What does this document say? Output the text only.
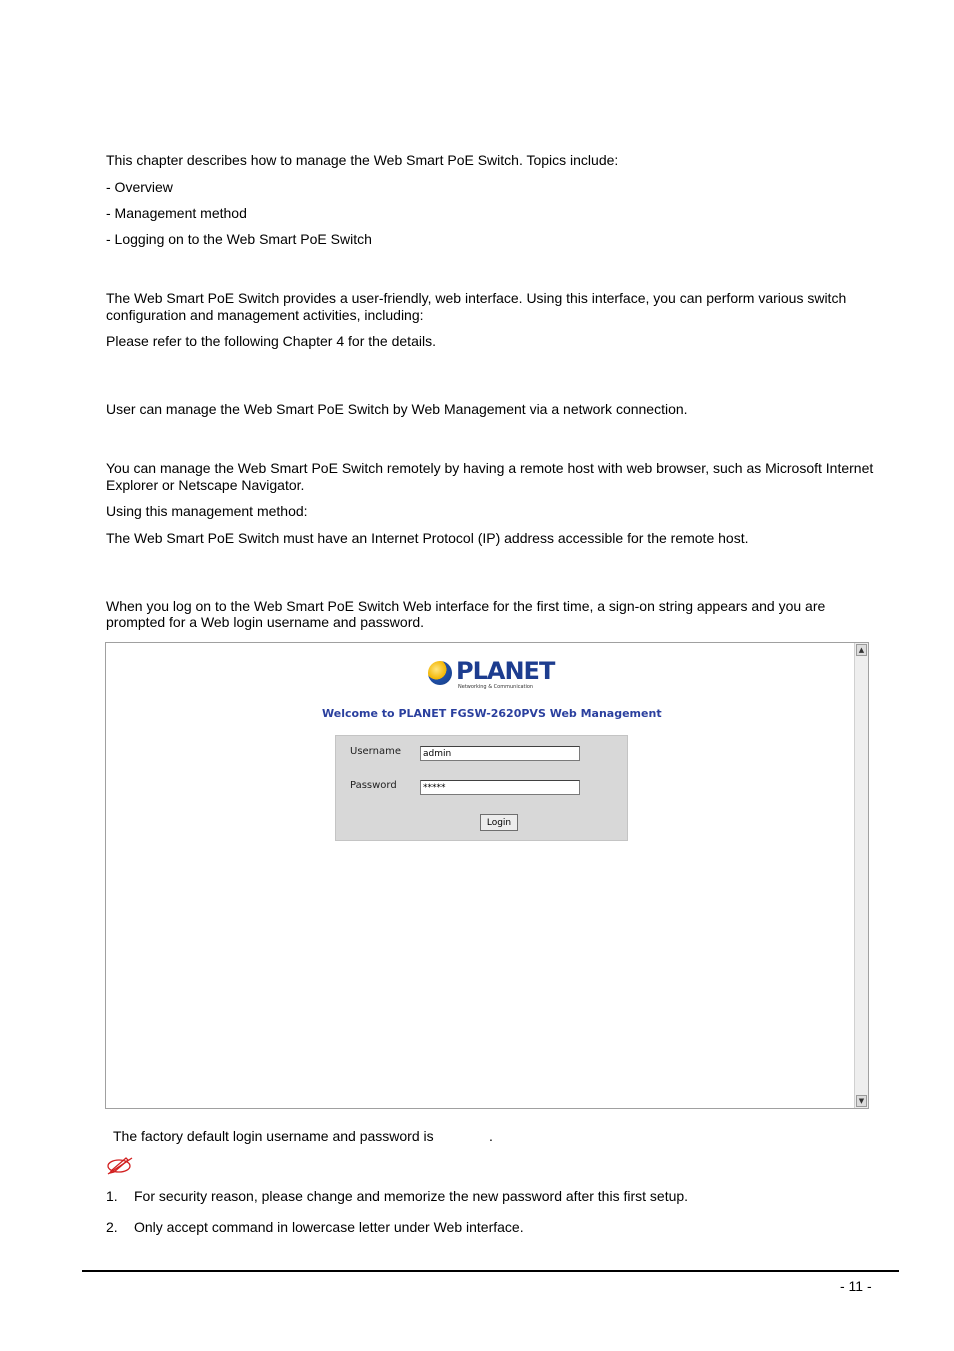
This chapter describes how to manage the Web Smart PoE Switch. Topics include:

- Overview

- Management method

- Logging on to the Web Smart PoE Switch

The Web Smart PoE Switch provides a user-friendly, web interface. Using this interface, you can perform various switch

configuration and management activities, including:

Please refer to the following Chapter 4 for the details.

User can manage the Web Smart PoE Switch by Web Management via a network connection.

You can manage the Web Smart PoE Switch remotely by having a remote host with web browser, such as Microsoft Internet

Explorer or Netscape Navigator.

Using this management method:

The Web Smart PoE Switch must have an Internet Protocol (IP) address accessible for the remote host.

When you log on to the Web Smart PoE Switch Web interface for the first time, a sign-on string appears and you are

prompted for a Web login username and password.

PLANET
Networking & Communication
Welcome to PLANET FGSW-2620PVS Web Management
Username
admin
Password
*****
Login
▲
▼

The factory default login username and password is	.

1. For security reason, please change and memorize the new password after this first setup.

2. Only accept command in lowercase letter under Web interface.

- 11 -
